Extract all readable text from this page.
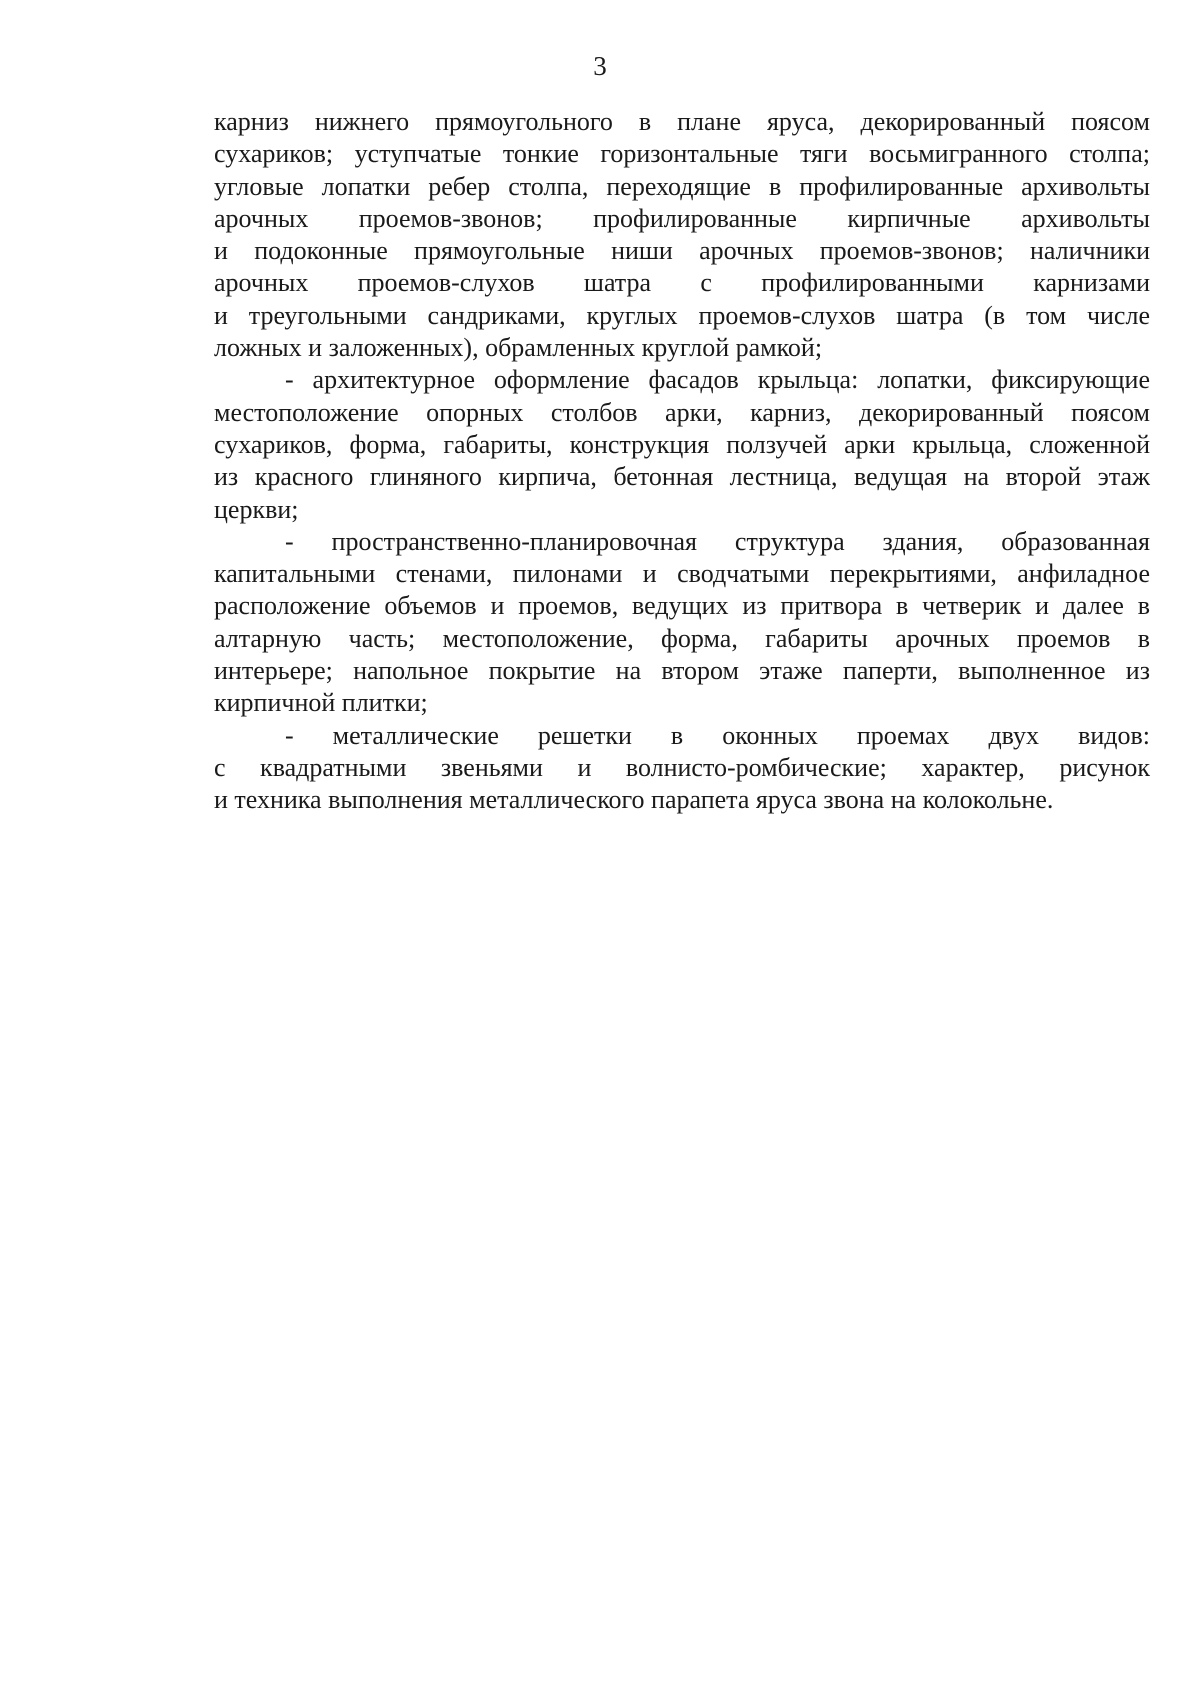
3
карниз нижнего прямоугольного в плане яруса, декорированный поясом
сухариков; уступчатые тонкие горизонтальные тяги восьмигранного столпа;
угловые лопатки ребер столпа, переходящие в профилированные архивольты
арочных проемов-звонов; профилированные кирпичные архивольты
и подоконные прямоугольные ниши арочных проемов-звонов; наличники
арочных проемов-слухов шатра с профилированными карнизами
и треугольными сандриками, круглых проемов-слухов шатра (в том числе
ложных и заложенных), обрамленных круглой рамкой;
- архитектурное оформление фасадов крыльца: лопатки, фиксирующие
местоположение опорных столбов арки, карниз, декорированный поясом
сухариков, форма, габариты, конструкция ползучей арки крыльца, сложенной
из красного глиняного кирпича, бетонная лестница, ведущая на второй этаж
церкви;
- пространственно-планировочная структура здания, образованная
капитальными стенами, пилонами и сводчатыми перекрытиями, анфиладное
расположение объемов и проемов, ведущих из притвора в четверик и далее в
алтарную часть; местоположение, форма, габариты арочных проемов в
интерьере; напольное покрытие на втором этаже паперти, выполненное из
кирпичной плитки;
- металлические решетки в оконных проемах двух видов:
с квадратными звеньями и волнисто-ромбические; характер, рисунок
и техника выполнения металлического парапета яруса звона на колокольне.
